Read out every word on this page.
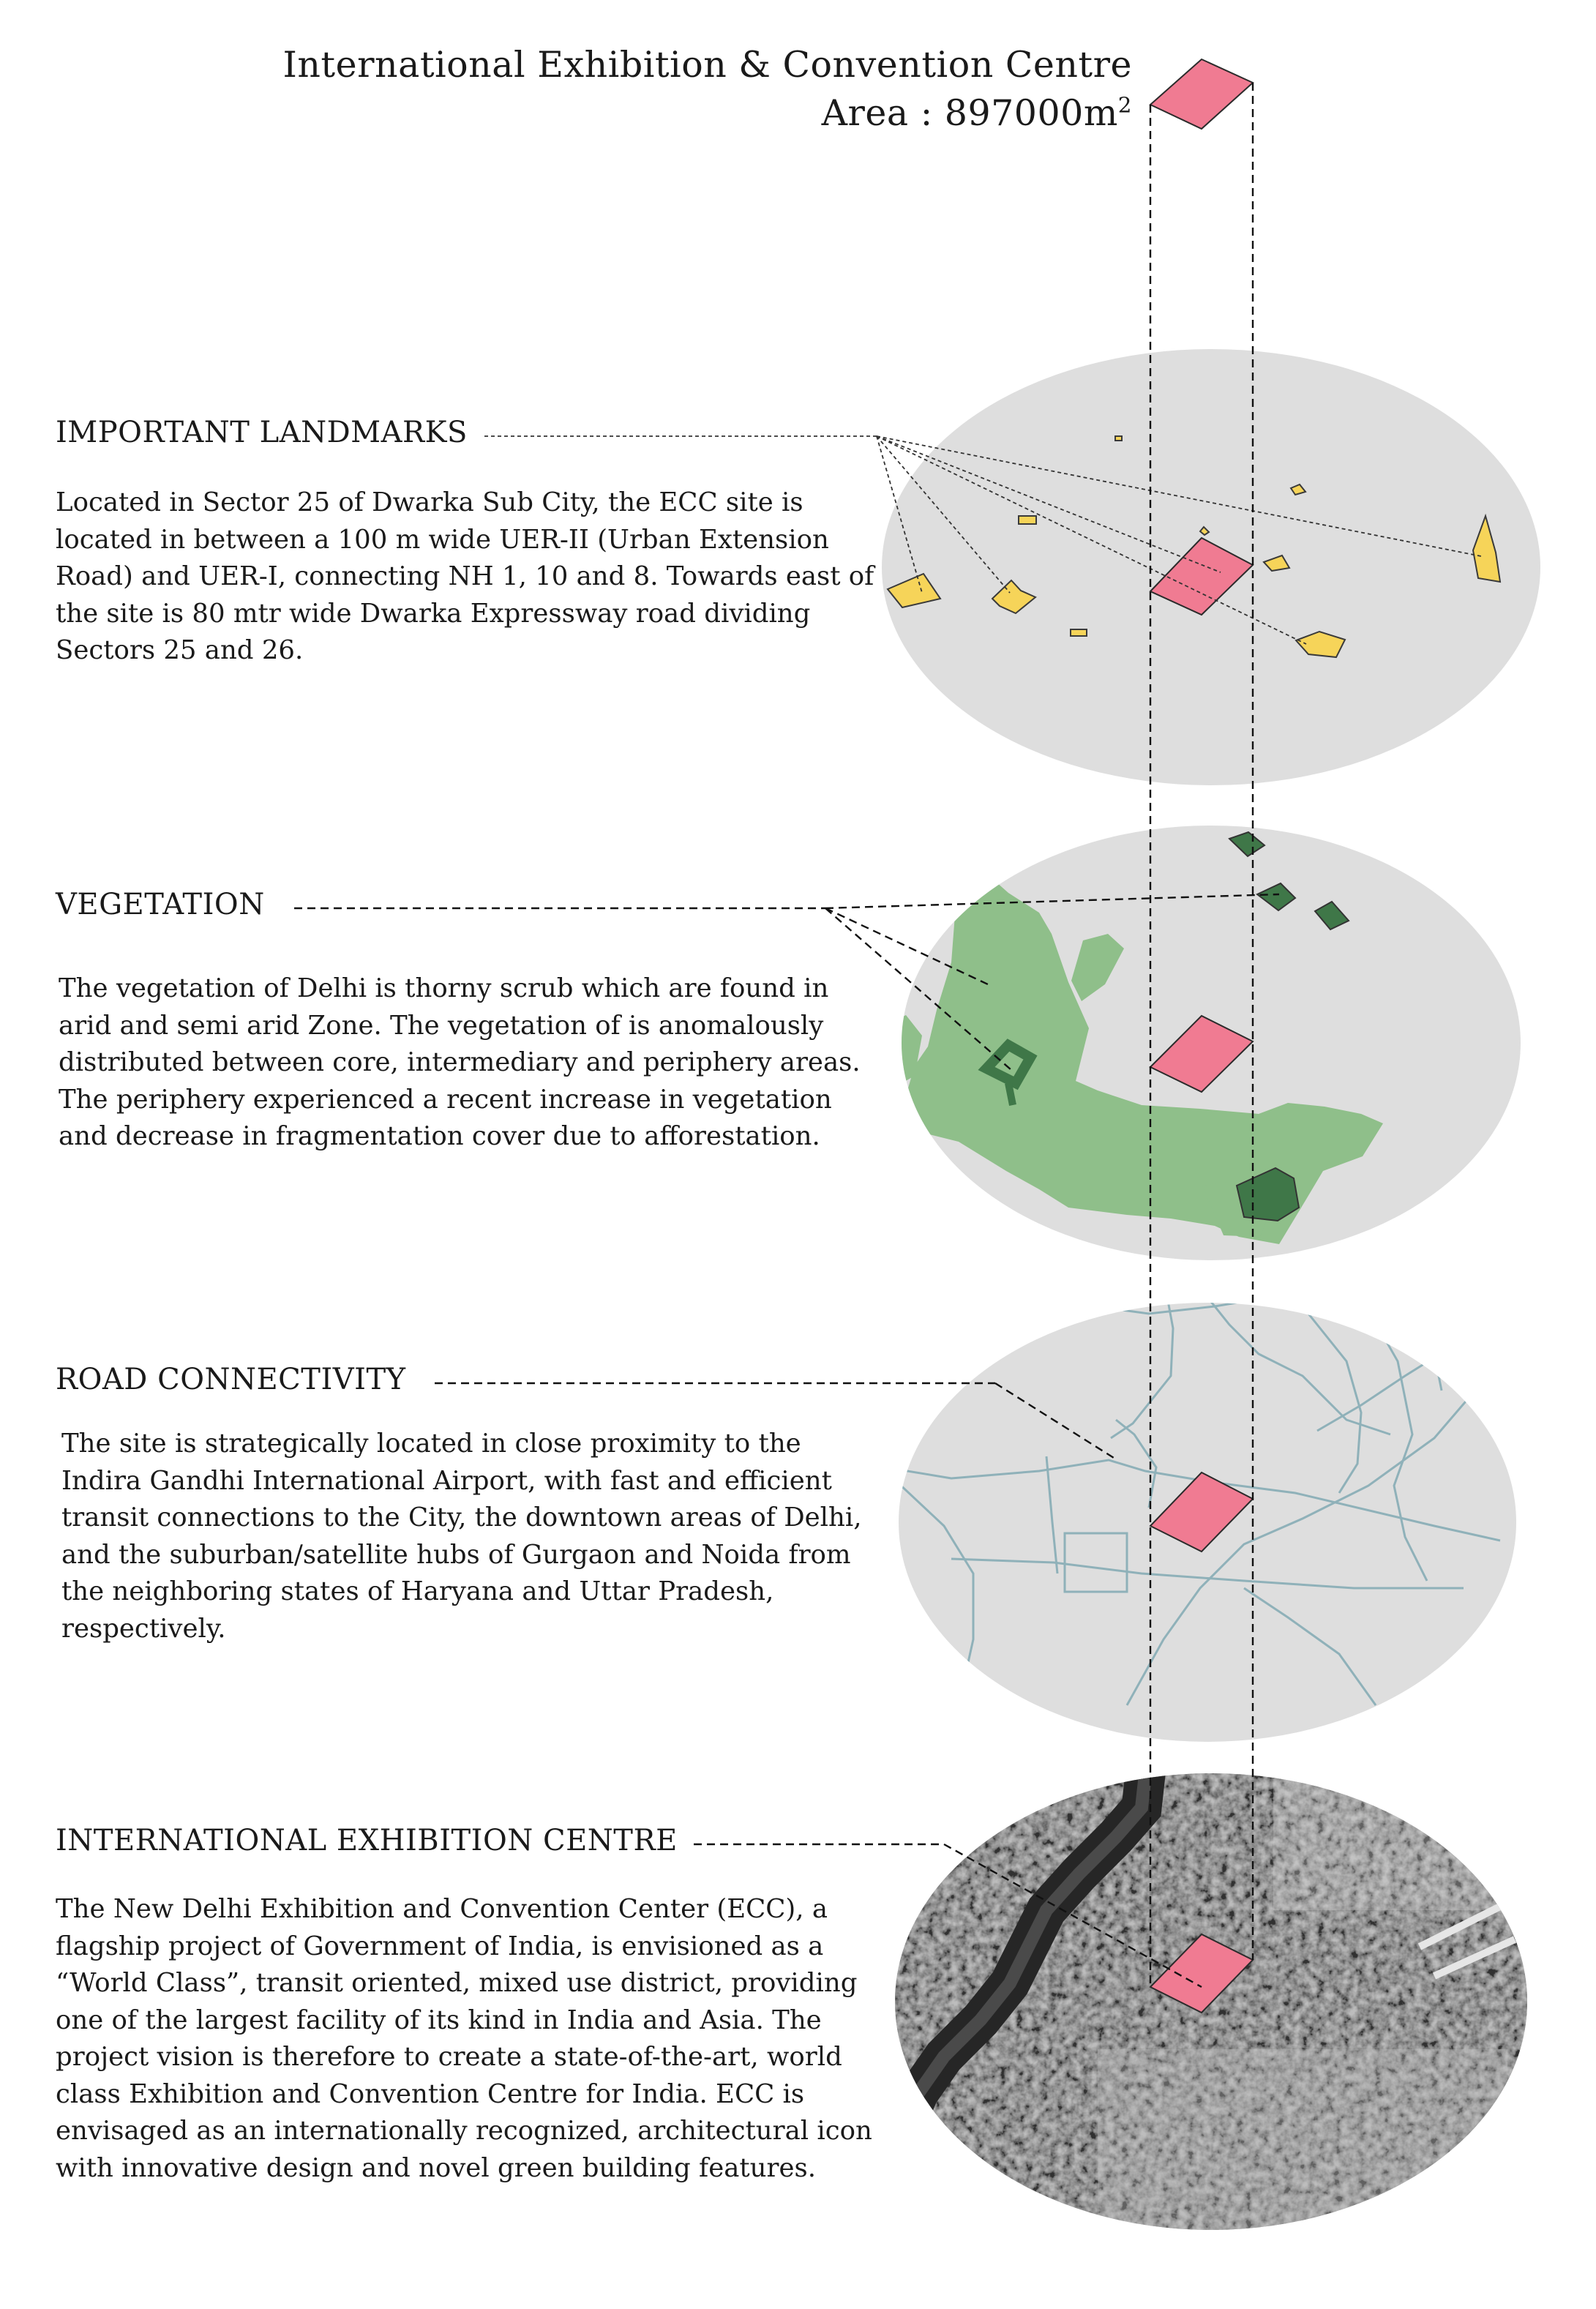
International Exhibition & Convention Centre
Area : $897000m^2$
IMPORTANT LANDMARKS

Located in Sector 25 of Dwarka Sub City, the ECC site is located in between a 100 m wide UER-II (Urban Extension Road) and UER-I, connecting NH 1, 10 and 8. Towards east of the site is 80 mtr wide Dwarka Expressway road dividing Sectors 25 and 26.

VEGETATION

The vegetation of Delhi is thorny scrub which are found in arid and semi arid Zone. The vegetation of is anomalously distributed between core, intermediary and periphery areas. The periphery experienced a recent increase in vegetation and decrease in fragmentation cover due to afforestation.

ROAD CONNECTIVITY

The site is strategically located in close proximity to the Indira Gandhi International Airport, with fast and efficient transit connections to the City, the downtown areas of Delhi, and the suburban/satellite hubs of Gurgaon and Noida from the neighboring states of Haryana and Uttar Pradesh, respectively.

INTERNATIONAL EXHIBITION CENTRE

The New Delhi Exhibition and Convention Center (ECC), a flagship project of Government of India, is envisioned as a “World Class”, transit oriented, mixed use district, providing one of the largest facility of its kind in India and Asia. The project vision is therefore to create a state-of-the-art, world class Exhibition and Convention Centre for India. ECC is envisaged as an internationally recognized, architectural icon with innovative design and novel green building features.
